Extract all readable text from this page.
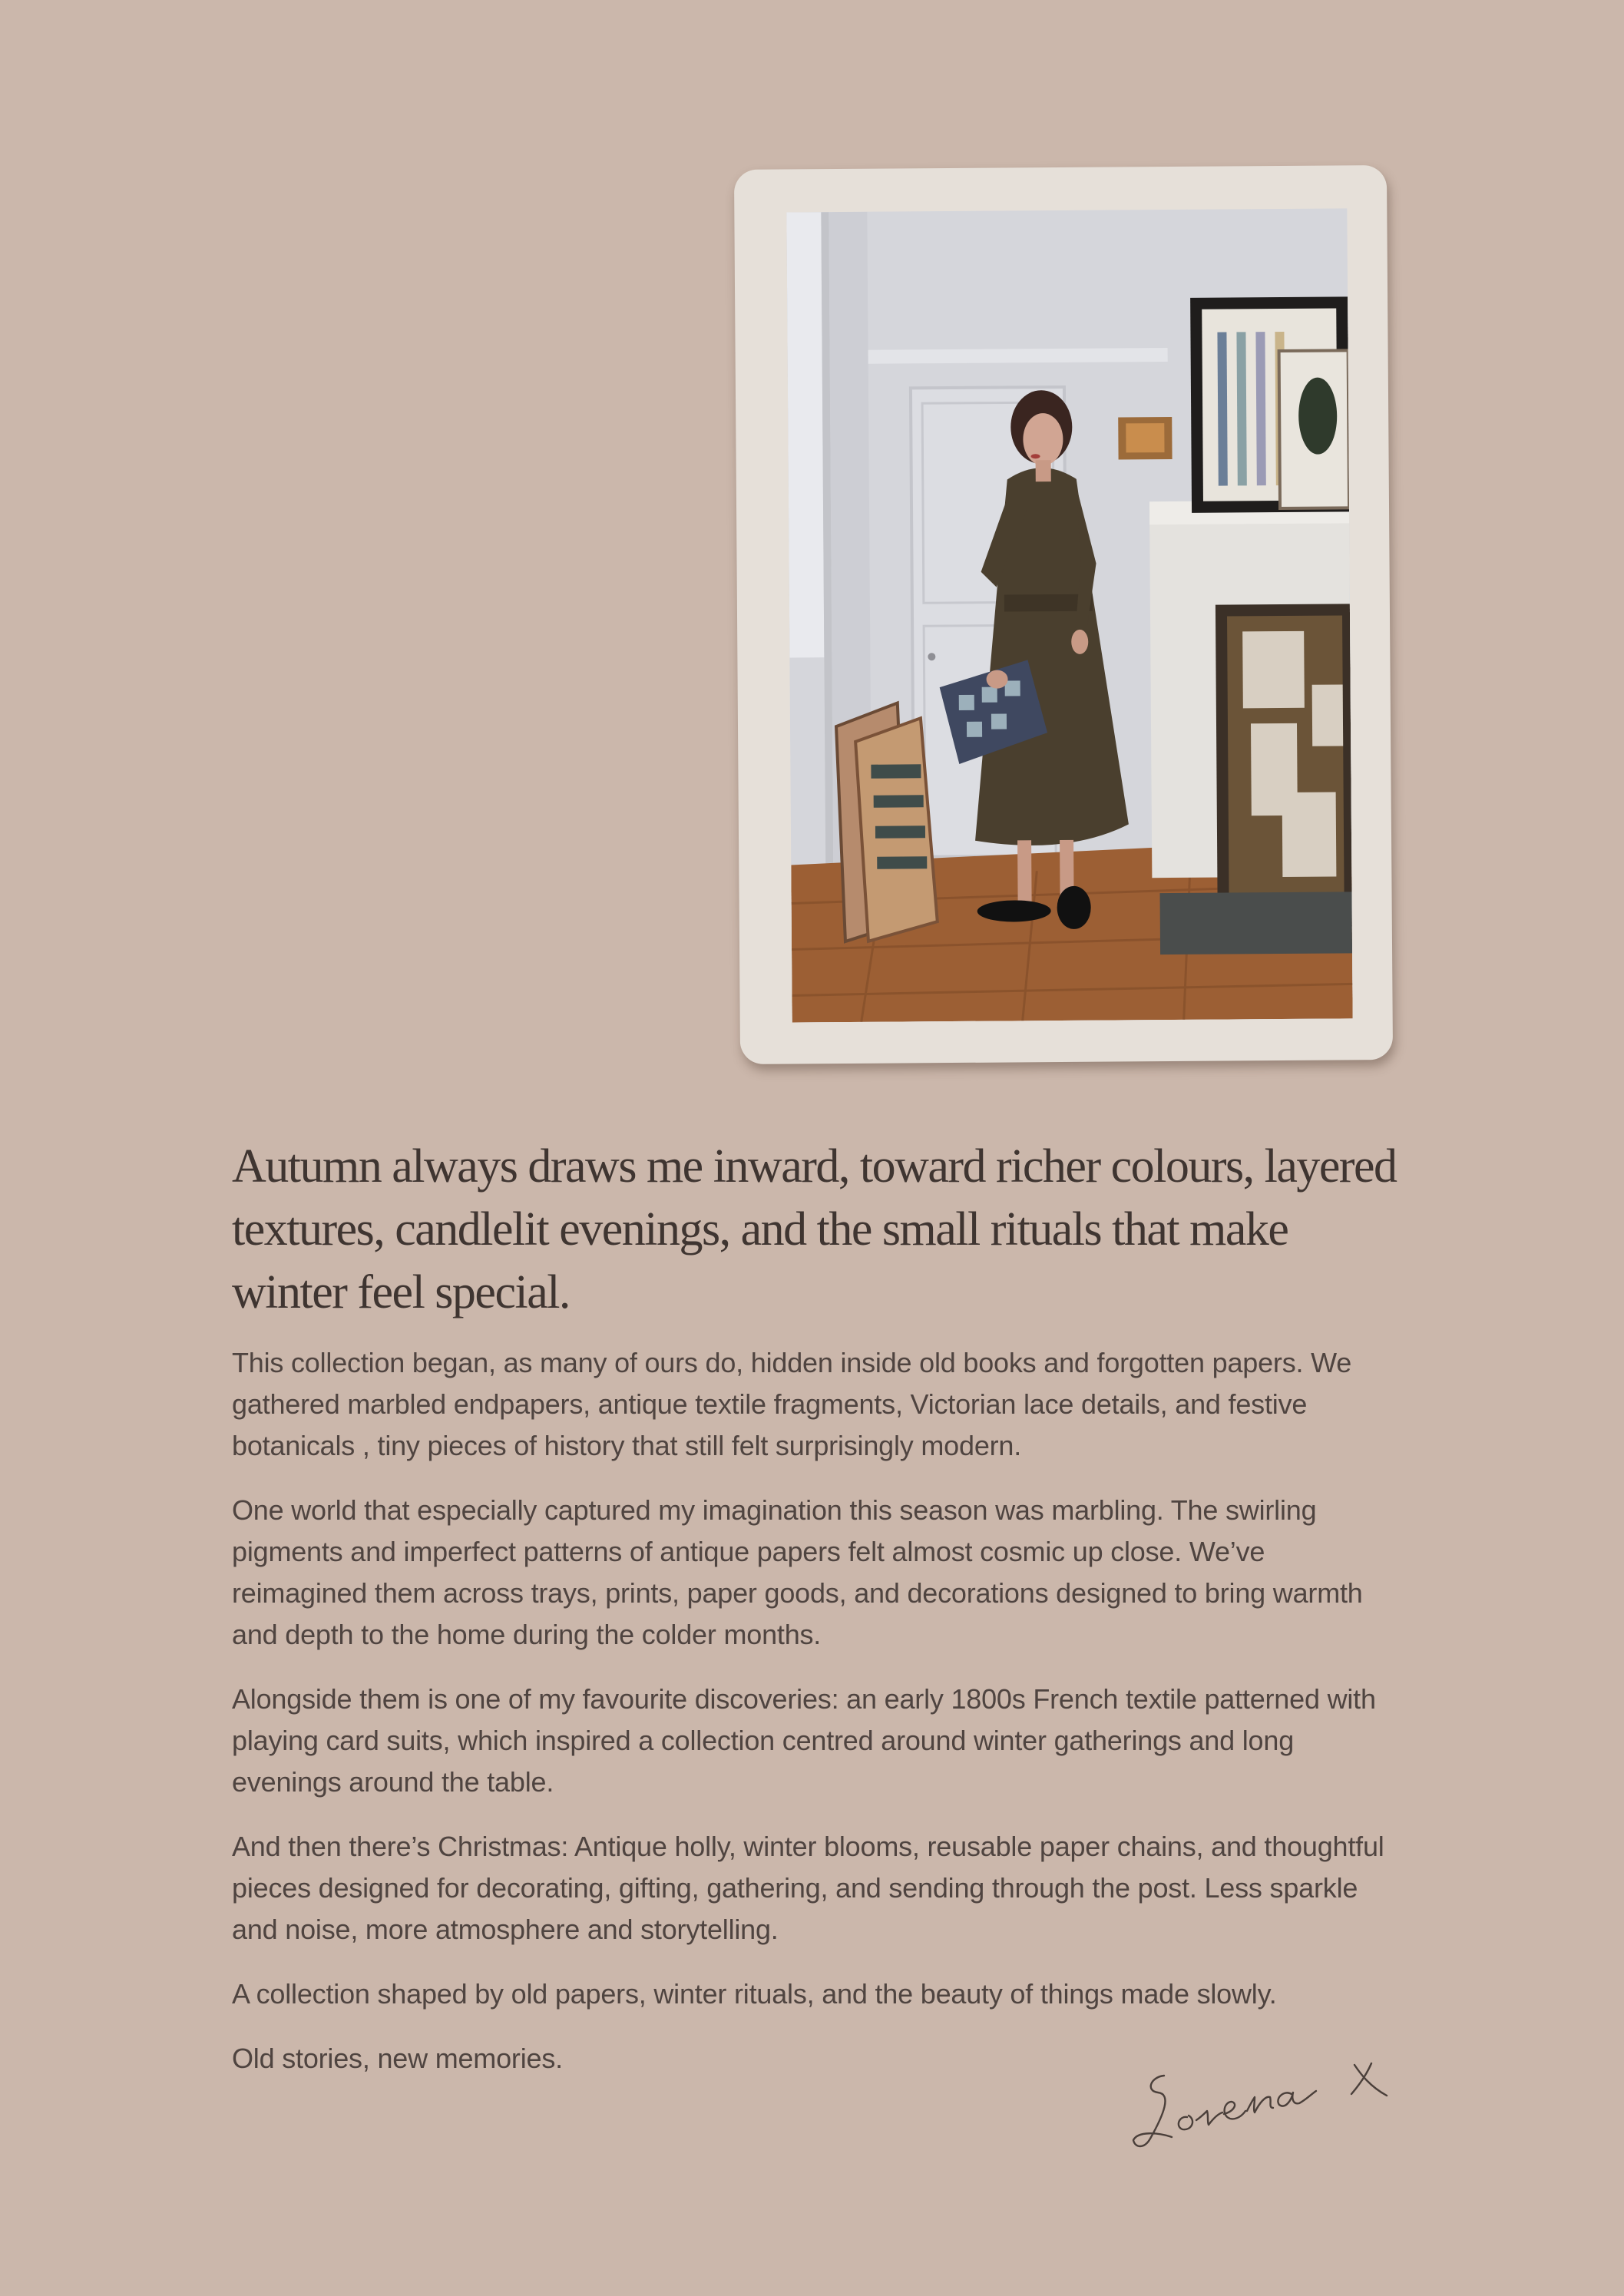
Autumn always draws me inward, toward richer colours, layered textures, candlelit evenings, and the small rituals that make winter feel special.

This collection began, as many of ours do, hidden inside old books and forgotten papers. We gathered marbled endpapers, antique textile fragments, Victorian lace details, and festive botanicals , tiny pieces of history that still felt surprisingly modern.

One world that especially captured my imagination this season was marbling. The swirling pigments and imperfect patterns of antique papers felt almost cosmic up close. We’ve reimagined them across trays, prints, paper goods, and decorations designed to bring warmth and depth to the home during the colder months.

Alongside them is one of my favourite discoveries: an early 1800s French textile patterned with playing card suits, which inspired a collection centred around winter gatherings and long evenings around the table.

And then there’s Christmas: Antique holly, winter blooms, reusable paper chains, and thoughtful pieces designed for decorating, gifting, gathering, and sending through the post. Less sparkle and noise, more atmosphere and storytelling.

A collection shaped by old papers, winter rituals, and the beauty of things made slowly.

Old stories, new memories.
